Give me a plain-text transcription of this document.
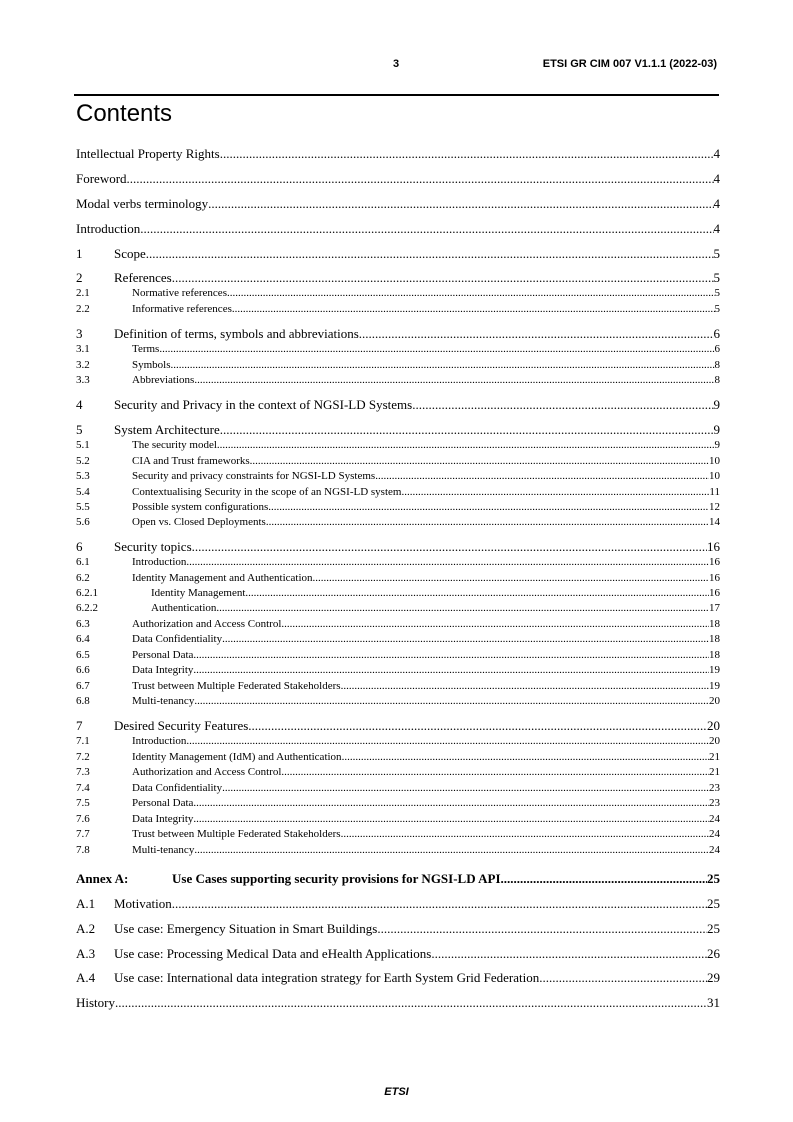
3	ETSI GR CIM 007 V1.1.1 (2022-03)
Contents
Intellectual Property Rights .....	4
Foreword .....	4
Modal verbs terminology .....	4
Introduction .....	4
1	Scope .....	5
2	References .....	5
2.1	Normative references .....	5
2.2	Informative references .....	5
3	Definition of terms, symbols and abbreviations .....	6
3.1	Terms .....	6
3.2	Symbols .....	8
3.3	Abbreviations .....	8
4	Security and Privacy in the context of NGSI-LD Systems .....	9
5	System Architecture .....	9
5.1	The security model .....	9
5.2	CIA and Trust frameworks .....	10
5.3	Security and privacy constraints for NGSI-LD Systems .....	10
5.4	Contextualising Security in the scope of an NGSI-LD system .....	11
5.5	Possible system configurations .....	12
5.6	Open vs. Closed Deployments .....	14
6	Security topics .....	16
6.1	Introduction .....	16
6.2	Identity Management and Authentication .....	16
6.2.1	Identity Management .....	16
6.2.2	Authentication .....	17
6.3	Authorization and Access Control .....	18
6.4	Data Confidentiality .....	18
6.5	Personal Data .....	18
6.6	Data Integrity .....	19
6.7	Trust between Multiple Federated Stakeholders .....	19
6.8	Multi-tenancy .....	20
7	Desired Security Features .....	20
7.1	Introduction .....	20
7.2	Identity Management (IdM) and Authentication .....	21
7.3	Authorization and Access Control .....	21
7.4	Data Confidentiality .....	23
7.5	Personal Data .....	23
7.6	Data Integrity .....	24
7.7	Trust between Multiple Federated Stakeholders .....	24
7.8	Multi-tenancy .....	24
Annex A:	Use Cases supporting security provisions for NGSI-LD API .....	25
A.1	Motivation .....	25
A.2	Use case: Emergency Situation in Smart Buildings .....	25
A.3	Use case: Processing Medical Data and eHealth Applications .....	26
A.4	Use case: International data integration strategy for Earth System Grid Federation .....	29
History .....	31
ETSI
